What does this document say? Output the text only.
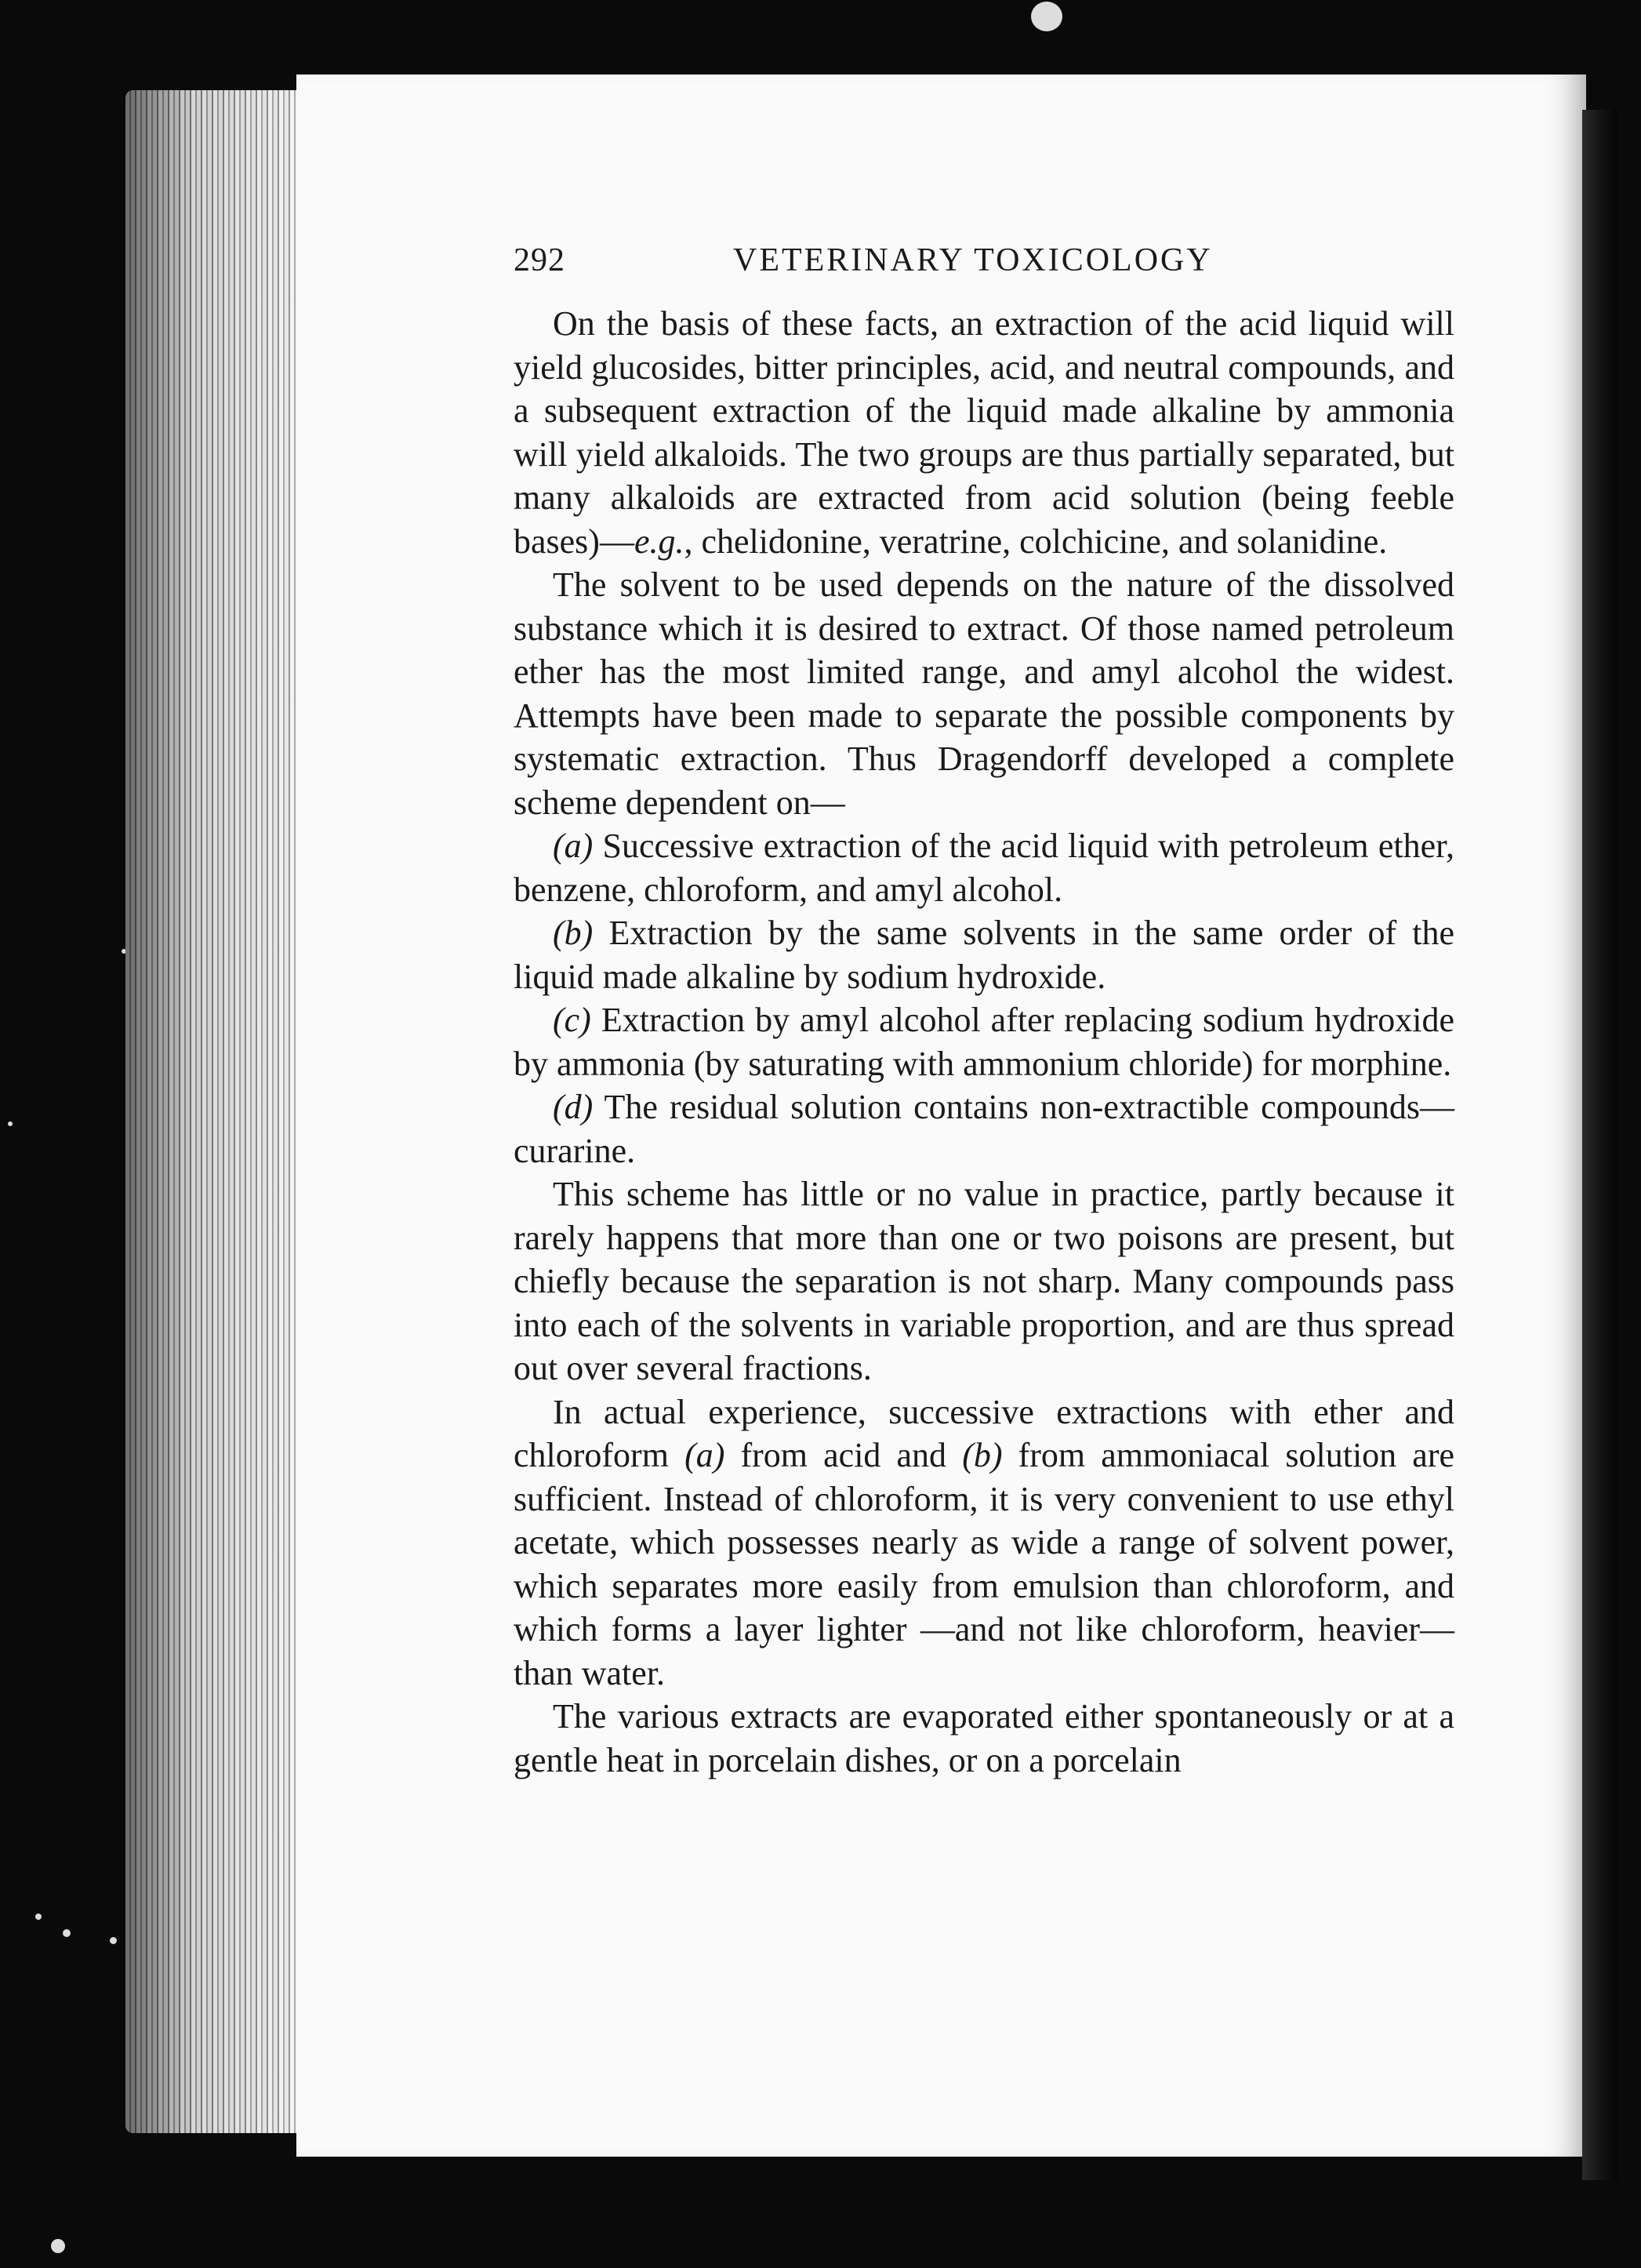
292	VETERINARY TOXICOLOGY

On the basis of these facts, an extraction of the acid liquid will yield glucosides, bitter principles, acid, and neutral compounds, and a subsequent extraction of the liquid made alkaline by ammonia will yield alkaloids. The two groups are thus partially separated, but many alkaloids are extracted from acid solution (being feeble bases)—e.g., chelidonine, veratrine, colchicine, and solanidine.

The solvent to be used depends on the nature of the dissolved substance which it is desired to extract. Of those named petroleum ether has the most limited range, and amyl alcohol the widest. Attempts have been made to separate the possible components by systematic extraction. Thus Dragendorff developed a complete scheme dependent on—

(a) Successive extraction of the acid liquid with petroleum ether, benzene, chloroform, and amyl alcohol.

(b) Extraction by the same solvents in the same order of the liquid made alkaline by sodium hydroxide.

(c) Extraction by amyl alcohol after replacing sodium hydroxide by ammonia (by saturating with ammonium chloride) for morphine.

(d) The residual solution contains non-extractible compounds—curarine.

This scheme has little or no value in practice, partly because it rarely happens that more than one or two poisons are present, but chiefly because the separation is not sharp. Many compounds pass into each of the solvents in variable proportion, and are thus spread out over several fractions.

In actual experience, successive extractions with ether and chloroform (a) from acid and (b) from ammoniacal solution are sufficient. Instead of chloroform, it is very convenient to use ethyl acetate, which possesses nearly as wide a range of solvent power, which separates more easily from emulsion than chloroform, and which forms a layer lighter —and not like chloroform, heavier—than water.

The various extracts are evaporated either spontaneously or at a gentle heat in porcelain dishes, or on a porcelain
